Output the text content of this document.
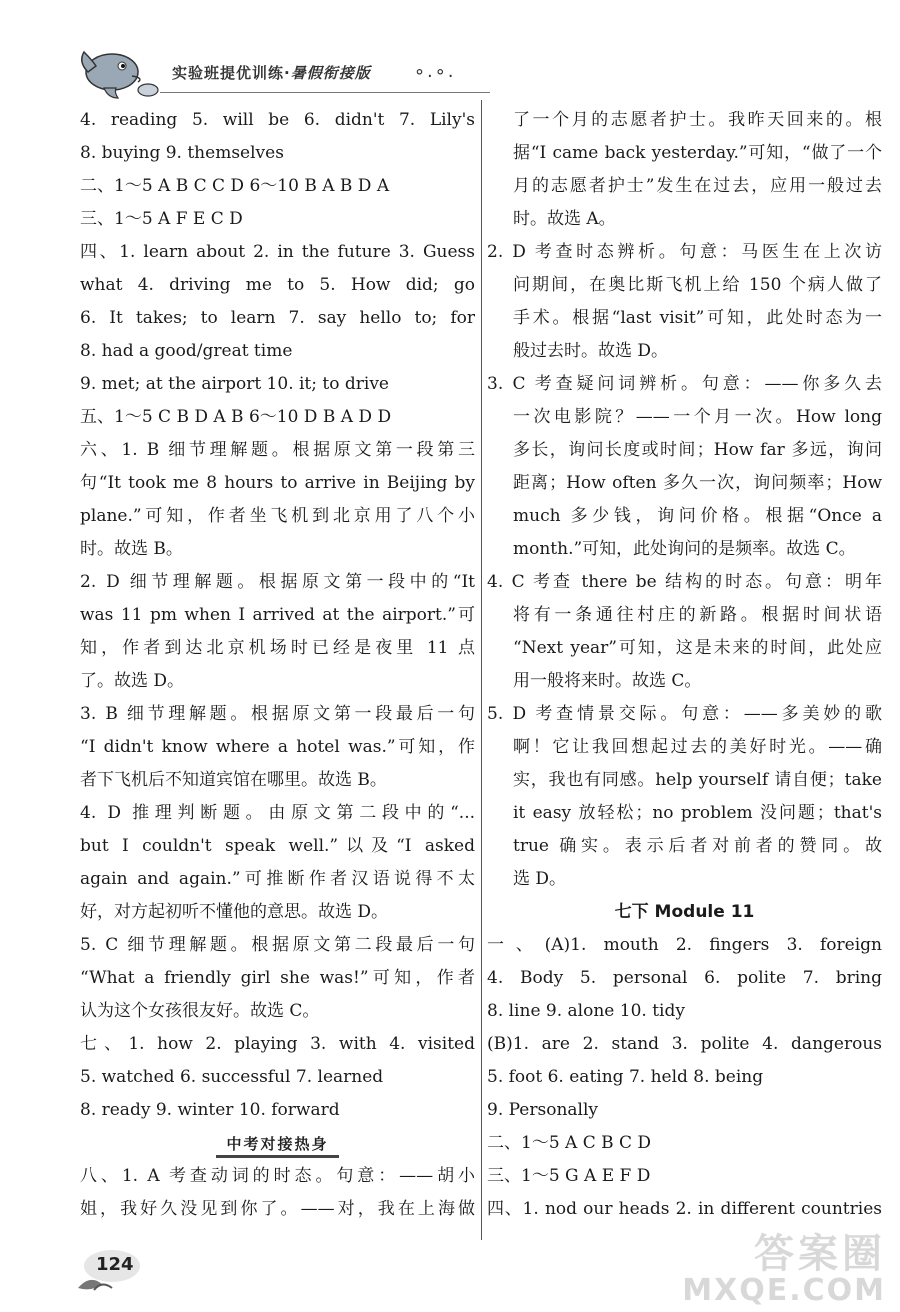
实验班提优训练·暑假衔接版 °·°·
4. reading 5. will be 6. didn't 7. Lily's
8. buying 9. themselves
二、1～5 A B C C D 6～10 B A B D A
三、1～5 A F E C D
四、1. learn about 2. in the future 3. Guess
what 4. driving me to 5. How did; go
6. It takes; to learn 7. say hello to; for
8. had a good/great time
9. met; at the airport 10. it; to drive
五、1～5 C B D A B 6～10 D B A D D
六、1. B 细节理解题。根据原文第一段第三
句“It took me 8 hours to arrive in Beijing by
plane.”可知，作者坐飞机到北京用了八个小
时。故选 B。
2. D 细节理解题。根据原文第一段中的“It
was 11 pm when I arrived at the airport.”可
知，作者到达北京机场时已经是夜里 11 点
了。故选 D。
3. B 细节理解题。根据原文第一段最后一句
“I didn't know where a hotel was.”可知，作
者下飞机后不知道宾馆在哪里。故选 B。
4. D 推理判断题。由原文第二段中的“...
but I couldn't speak well.”以及“I asked
again and again.”可推断作者汉语说得不太
好，对方起初听不懂他的意思。故选 D。
5. C 细节理解题。根据原文第二段最后一句
“What a friendly girl she was!”可知，作者
认为这个女孩很友好。故选 C。
七、1. how 2. playing 3. with 4. visited
5. watched 6. successful 7. learned
8. ready 9. winter 10. forward
中考对接热身
八、1. A 考查动词的时态。句意：——胡小
姐，我好久没见到你了。——对，我在上海做
了一个月的志愿者护士。我昨天回来的。根
据“I came back yesterday.”可知，“做了一个
月的志愿者护士”发生在过去，应用一般过去
时。故选 A。
2. D 考查时态辨析。句意：马医生在上次访
问期间，在奥比斯飞机上给 150 个病人做了
手术。根据“last visit”可知，此处时态为一
般过去时。故选 D。
3. C 考查疑问词辨析。句意：——你多久去
一次电影院？——一个月一次。How long
多长，询问长度或时间；How far 多远，询问
距离；How often 多久一次，询问频率；How
much 多少钱，询问价格。根据“Once a
month.”可知，此处询问的是频率。故选 C。
4. C 考查 there be 结构的时态。句意：明年
将有一条通往村庄的新路。根据时间状语
“Next year”可知，这是未来的时间，此处应
用一般将来时。故选 C。
5. D 考查情景交际。句意：——多美妙的歌
啊！它让我回想起过去的美好时光。——确
实，我也有同感。help yourself 请自便；take
it easy 放轻松；no problem 没问题；that's
true 确实。表示后者对前者的赞同。故
选 D。
七下 Module 11
一、(A)1. mouth 2. fingers 3. foreign
4. Body 5. personal 6. polite 7. bring
8. line 9. alone 10. tidy
(B)1. are 2. stand 3. polite 4. dangerous
5. foot 6. eating 7. held 8. being
9. Personally
二、1～5 A C B C D
三、1～5 G A E F D
四、1. nod our heads 2. in different countries
124	答案圈
MXQE.COM
